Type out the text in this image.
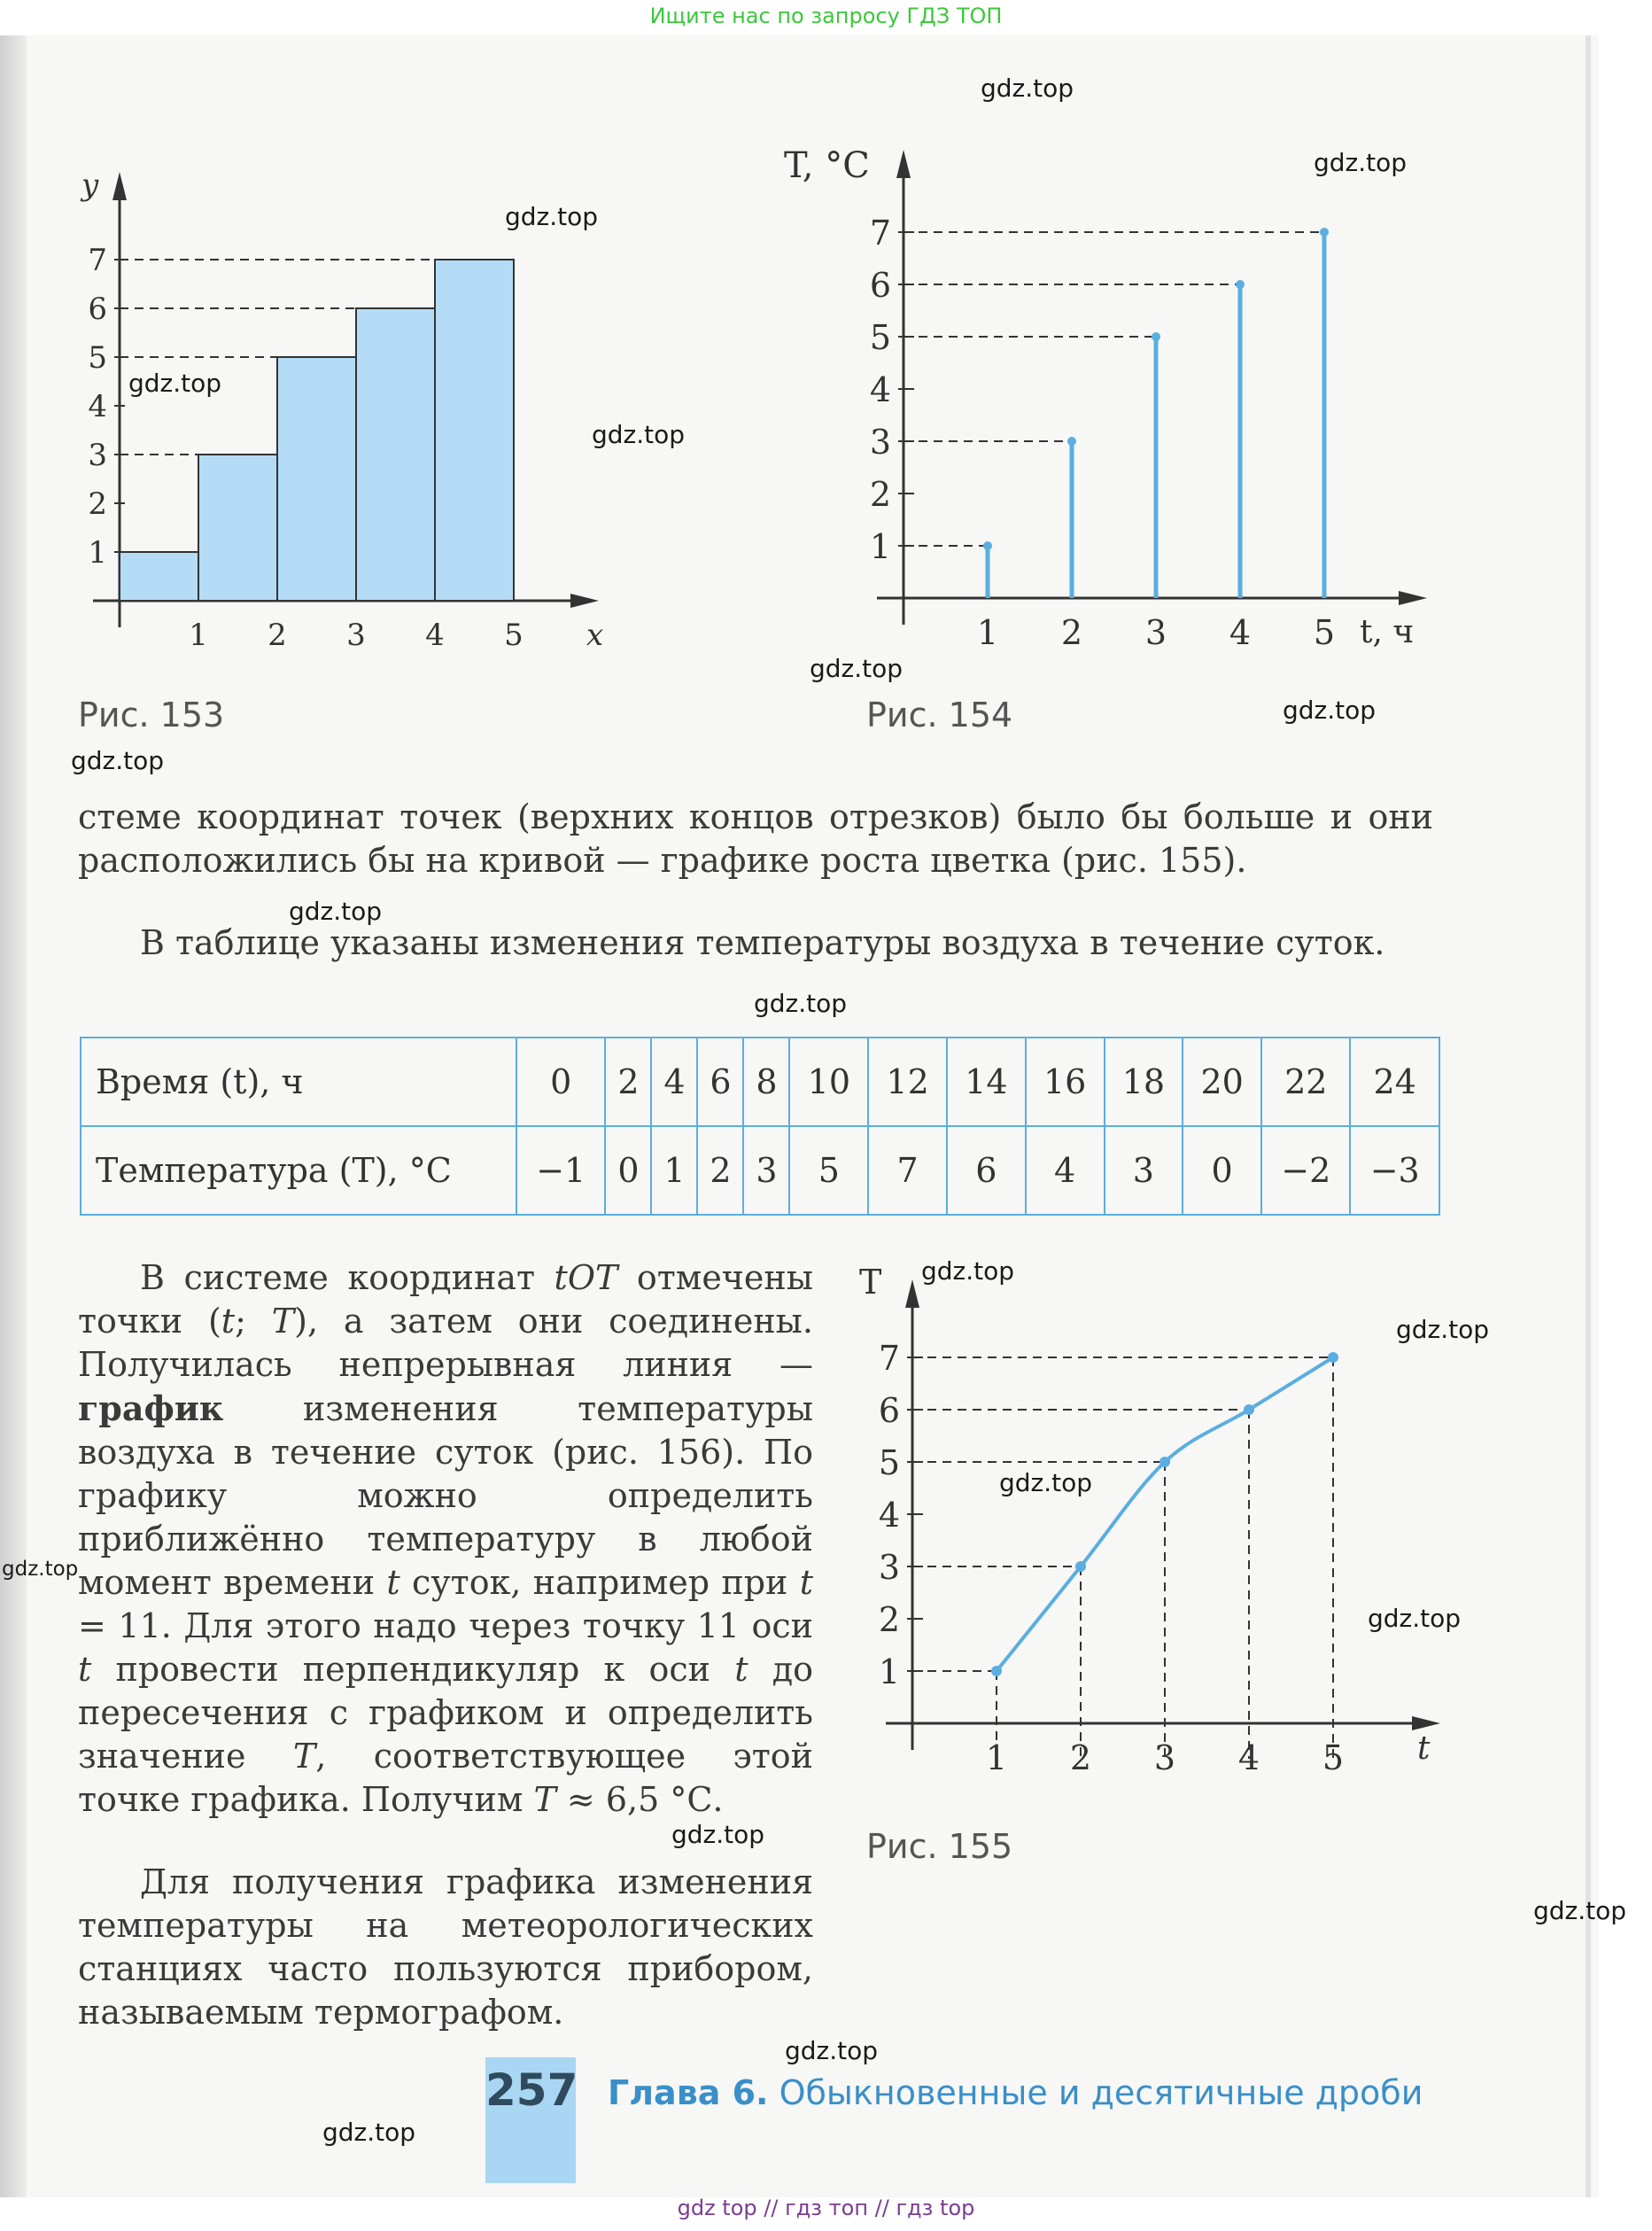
Ищите нас по запросу ГДЗ ТОП
1
2
3
4
5
6
7
1 2 3 4 5
y
x
Рис. 153
1
2
3
4
5
6
7
1 2 3 4 5
T, °С
t, ч
Рис. 154
стеме координат точек (верхних концов отрезков) было бы больше и они расположились бы на кривой — графике роста цветка (рис. 155).
В таблице указаны изменения температуры воздуха в течение суток.
Время (t), ч	0	2	4	6	8	10	12	14	16	18	20	22	24
Температура (T), °С	−1	0	1	2	3	5	7	6	4	3	0	−2	−3
В системе координат tOT отмечены точки (t; T), а затем они соединены. Получилась непрерывная линия — график изменения температуры воздуха в течение суток (рис. 156). По графику можно определить приближённо температуру в любой момент времени t суток, например при t = 11. Для этого надо через точку 11 оси t провести перпендикуляр к оси t до пересечения с графиком и определить значение T, соответствующее этой точке графика. Получим T ≈ 6,5 °С.
Для получения графика изменения температуры на метеорологических станциях часто пользуются прибором, называемым термографом.
1
2
3
4
5
6
7
1 2 3 4 5
T
t
Рис. 155
257 Глава 6. Обыкновенные и десятичные дроби
gdz.top
gdz.top
gdz.top
gdz.top
gdz.top
gdz.top
gdz.top
gdz.top
gdz.top
gdz.top
gdz.top
gdz.top
gdz.top
gdz.top
gdz.top
gdz.top
gdz.top
gdz.top
gdz.top
gdz top // гдз топ // гдз top
